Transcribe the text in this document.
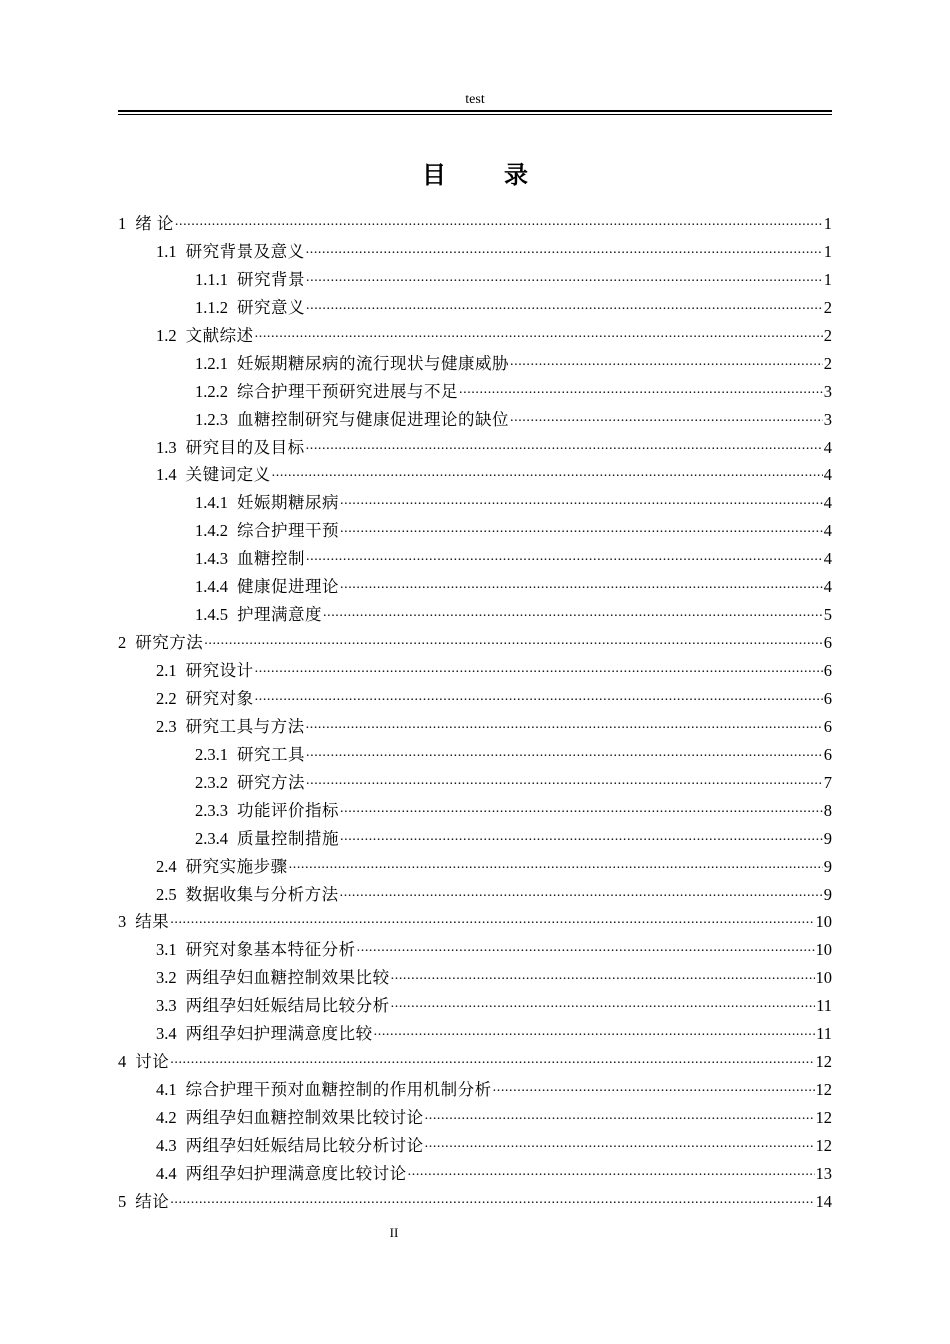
test
目 录
1 绪 论 .....	1
1.1 研究背景及意义 .....	1
1.1.1 研究背景 .....	1
1.1.2 研究意义 .....	2
1.2 文献综述 .....	2
1.2.1 妊娠期糖尿病的流行现状与健康威胁 .....	2
1.2.2 综合护理干预研究进展与不足 .....	3
1.2.3 血糖控制研究与健康促进理论的缺位 .....	3
1.3 研究目的及目标 .....	4
1.4 关键词定义 .....	4
1.4.1 妊娠期糖尿病 .....	4
1.4.2 综合护理干预 .....	4
1.4.3 血糖控制 .....	4
1.4.4 健康促进理论 .....	4
1.4.5 护理满意度 .....	5
2 研究方法 .....	6
2.1 研究设计 .....	6
2.2 研究对象 .....	6
2.3 研究工具与方法 .....	6
2.3.1 研究工具 .....	6
2.3.2 研究方法 .....	7
2.3.3 功能评价指标 .....	8
2.3.4 质量控制措施 .....	9
2.4 研究实施步骤 .....	9
2.5 数据收集与分析方法 .....	9
3 结果 .....	10
3.1 研究对象基本特征分析 .....	10
3.2 两组孕妇血糖控制效果比较 .....	10
3.3 两组孕妇妊娠结局比较分析 .....	11
3.4 两组孕妇护理满意度比较 .....	11
4 讨论 .....	12
4.1 综合护理干预对血糖控制的作用机制分析 .....	12
4.2 两组孕妇血糖控制效果比较讨论 .....	12
4.3 两组孕妇妊娠结局比较分析讨论 .....	12
4.4 两组孕妇护理满意度比较讨论 .....	13
5 结论 .....	14
II
